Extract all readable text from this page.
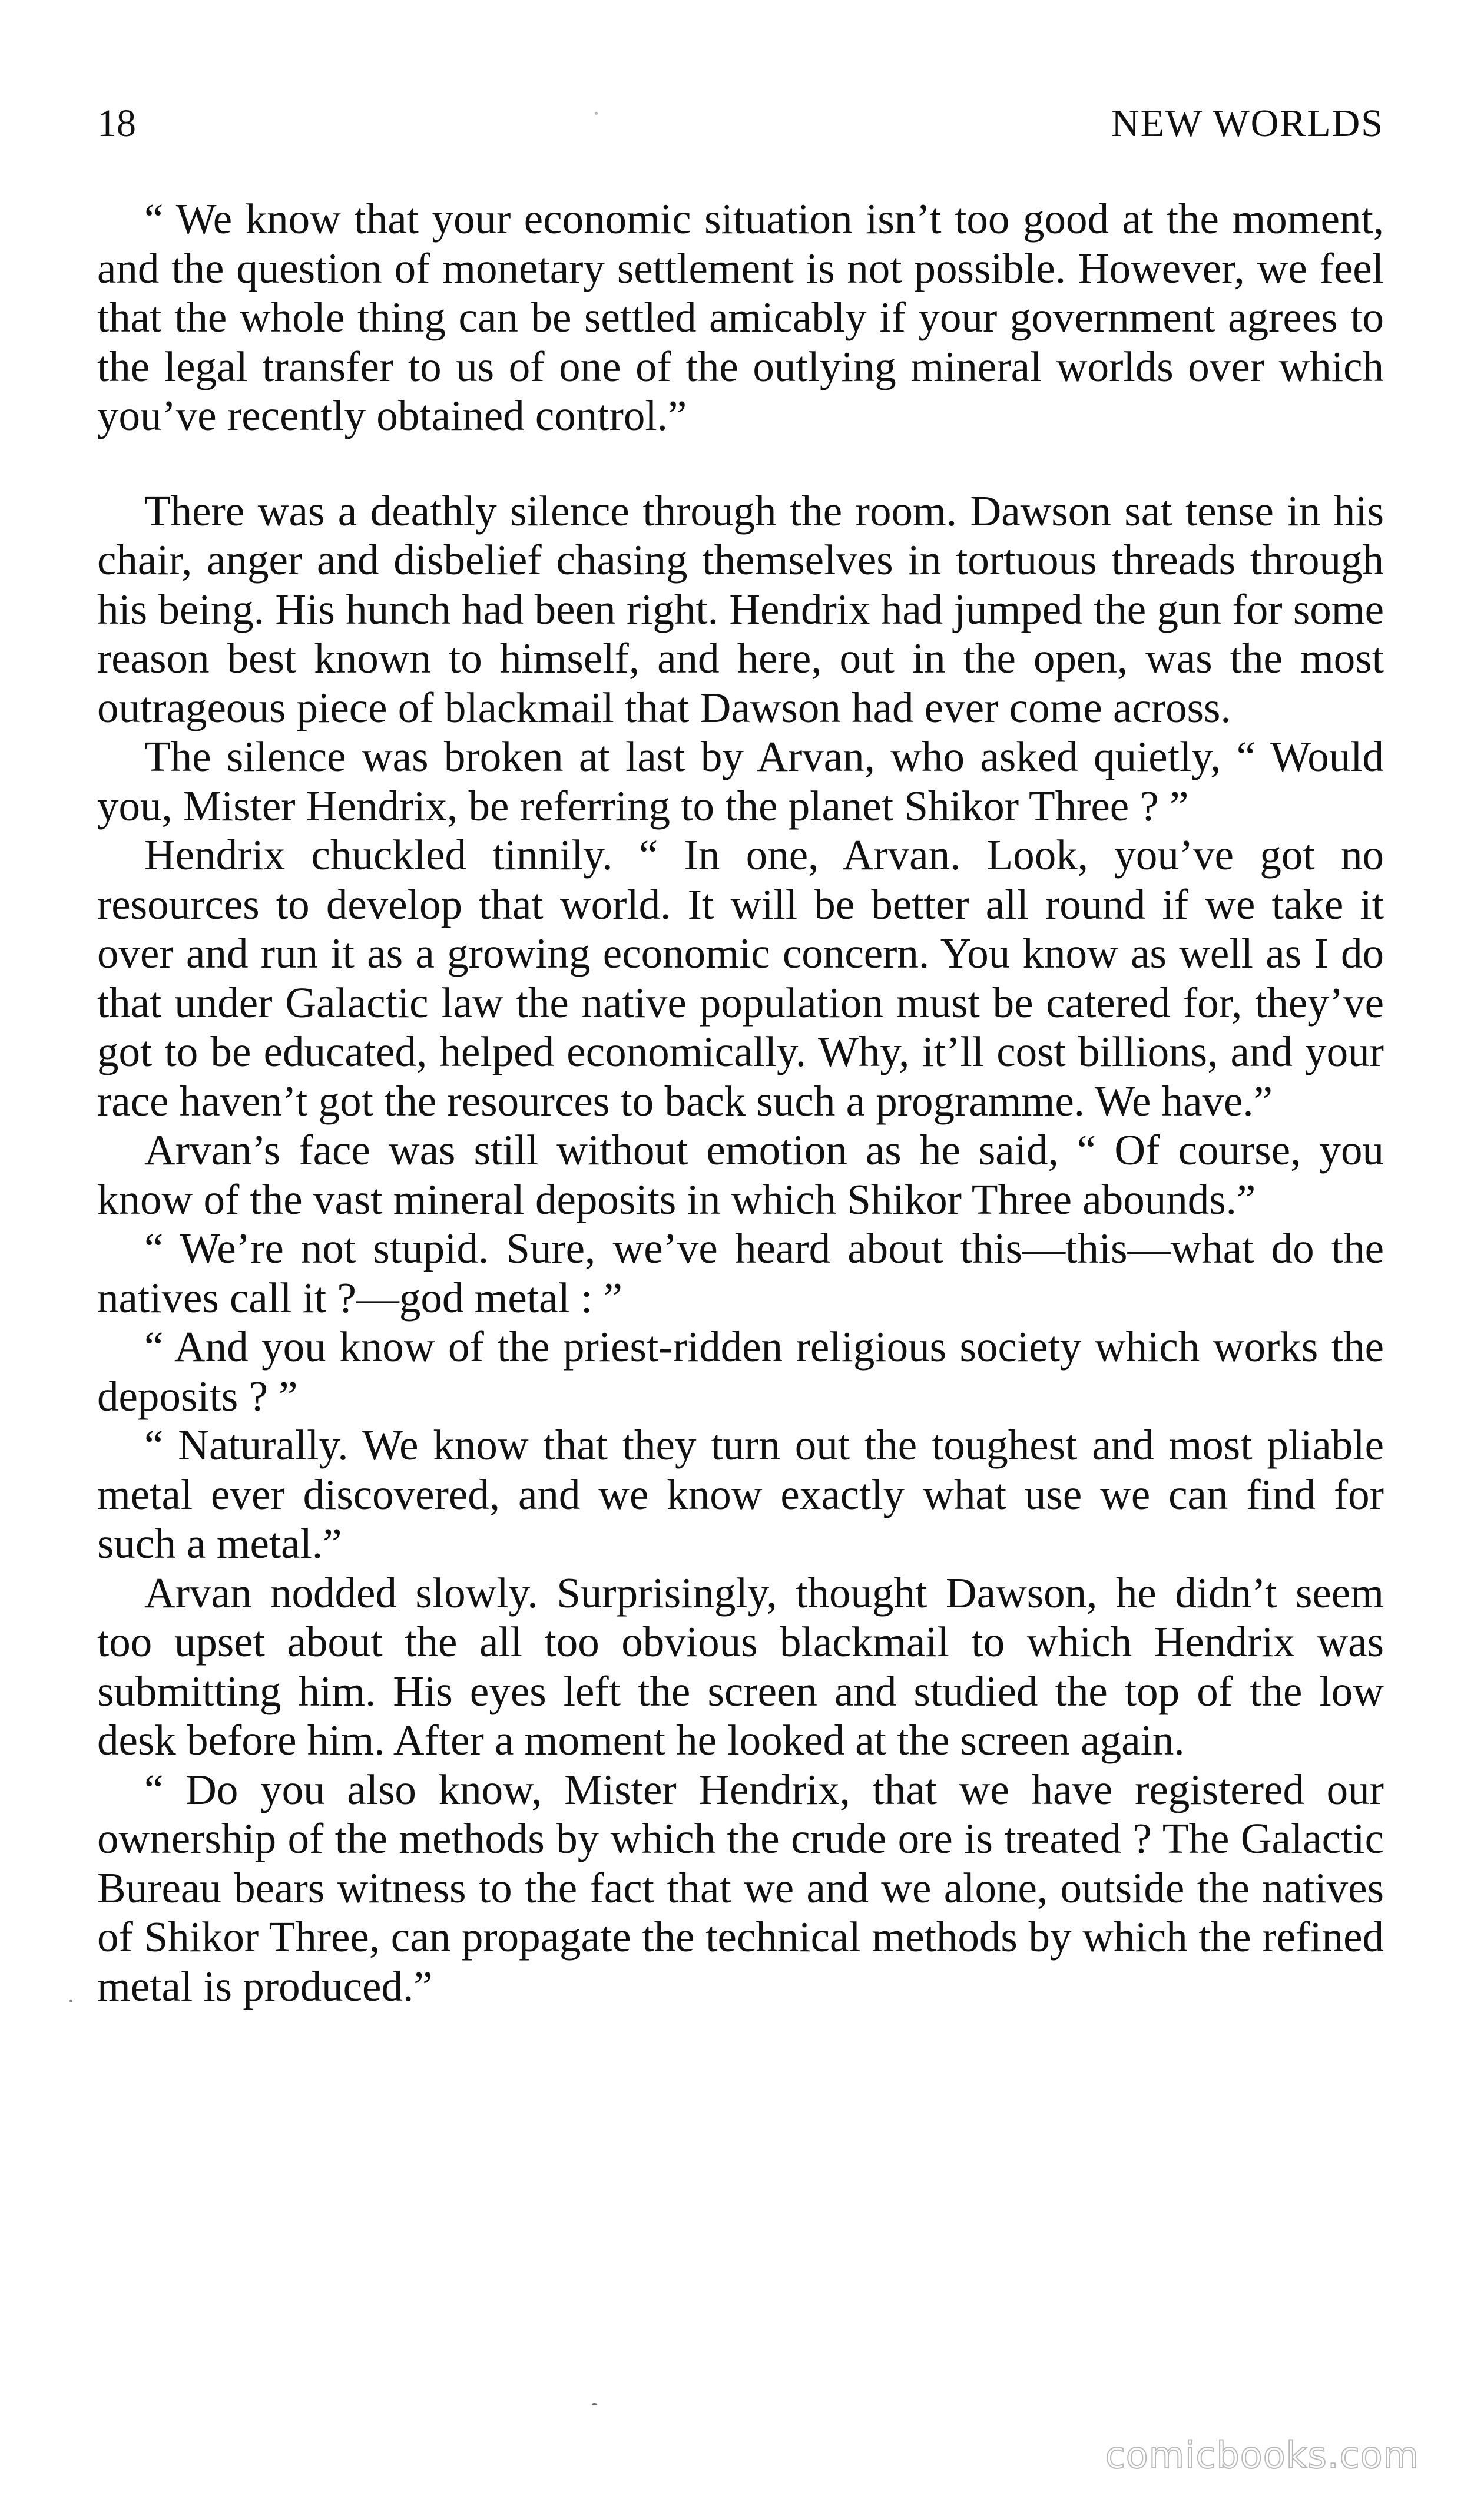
18	NEW WORLDS

“ We know that your economic situation isn’t too good at the moment, and the question of monetary settlement is not possible. However, we feel that the whole thing can be settled amicably if your government agrees to the legal transfer to us of one of the outlying mineral worlds over which you’ve recently obtained control.”

There was a deathly silence through the room. Dawson sat tense in his chair, anger and disbelief chasing themselves in tortuous threads through his being. His hunch had been right. Hendrix had jumped the gun for some reason best known to himself, and here, out in the open, was the most outrageous piece of blackmail that Dawson had ever come across.

The silence was broken at last by Arvan, who asked quietly, “ Would you, Mister Hendrix, be referring to the planet Shikor Three ? ”

Hendrix chuckled tinnily. “ In one, Arvan. Look, you’ve got no resources to develop that world. It will be better all round if we take it over and run it as a growing economic concern. You know as well as I do that under Galactic law the native population must be catered for, they’ve got to be educated, helped economically. Why, it’ll cost billions, and your race haven’t got the resources to back such a programme. We have.”

Arvan’s face was still without emotion as he said, “ Of course, you know of the vast mineral deposits in which Shikor Three abounds.”

“ We’re not stupid. Sure, we’ve heard about this—this—what do the natives call it ?—god metal : ”

“ And you know of the priest-ridden religious society which works the deposits ? ”

“ Naturally. We know that they turn out the toughest and most pliable metal ever discovered, and we know exactly what use we can find for such a metal.”

Arvan nodded slowly. Surprisingly, thought Dawson, he didn’t seem too upset about the all too obvious blackmail to which Hendrix was submitting him. His eyes left the screen and studied the top of the low desk before him. After a moment he looked at the screen again.

“ Do you also know, Mister Hendrix, that we have registered our ownership of the methods by which the crude ore is treated ? The Galactic Bureau bears witness to the fact that we and we alone, outside the natives of Shikor Three, can propagate the technical methods by which the refined metal is produced.”

comicbooks.com
